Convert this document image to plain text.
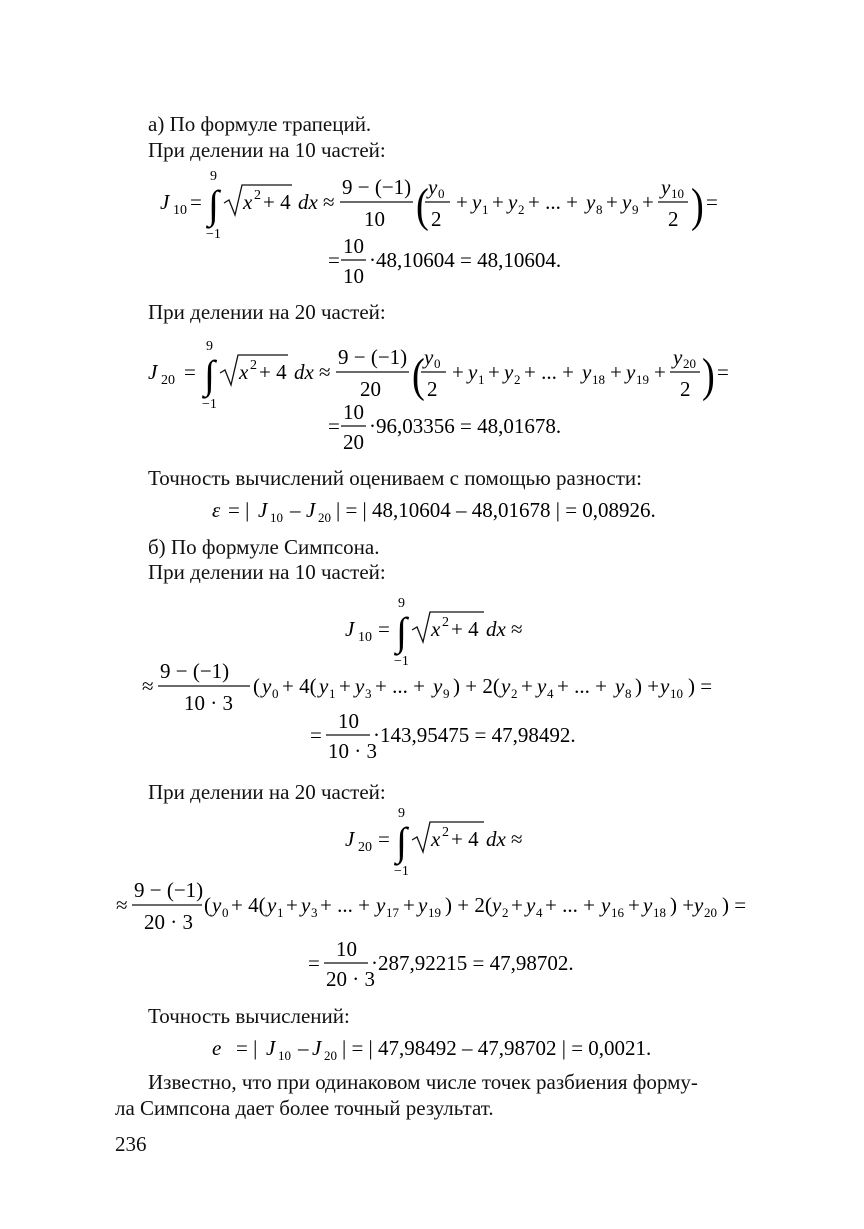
а) По формуле трапеций.
При делении на 10 частей:
J 10 = ∫
9
−1
x 2 + 4 dx ≈
9 − (−1)
10 ( y 0
2
+ y 1 + y 2 + ... + y 8 + y 9 +
y 10
2 ) =
=
10
10
·48,10604 = 48,10604.
При делении на 20 частей:
J 20 = ∫
9
−1
x 2 + 4 dx ≈
9 − (−1)
20 ( y 0
2
+ y 1 + y 2 + ... + y 18 + y 19 +
y 20
2 ) =
=
10
20
·96,03356 = 48,01678.
Точность вычислений оцениваем с помощью разности:
ε = | J 10 – J 20 | = | 48,10604 – 48,01678 | = 0,08926.
б) По формуле Симпсона.
При делении на 10 частей:
J 10 = ∫
9
−1
x 2 + 4 dx ≈
≈
9 − (−1)
10 · 3
( y 0 + 4( y 1 + y 3 + ... + y 9 ) + 2( y 2 + y 4 + ... + y 8 ) + y 10 ) =
=
10
10 · 3
·143,95475 = 47,98492.
При делении на 20 частей:
J 20 = ∫
9
−1
x 2 + 4 dx ≈
≈
9 − (−1)
20 · 3
( y 0 + 4( y 1 + y 3 + ... + y 17 + y 19 ) + 2( y 2 + y 4 + ... + y 16 + y 18 ) + y 20 ) =
=
10
20 · 3
·287,92215 = 47,98702.
Точность вычислений:
e = | J 10 – J 20 | = | 47,98492 – 47,98702 | = 0,0021.
Известно, что при одинаковом числе точек разбиения форму-
ла Симпсона дает более точный результат.
236
